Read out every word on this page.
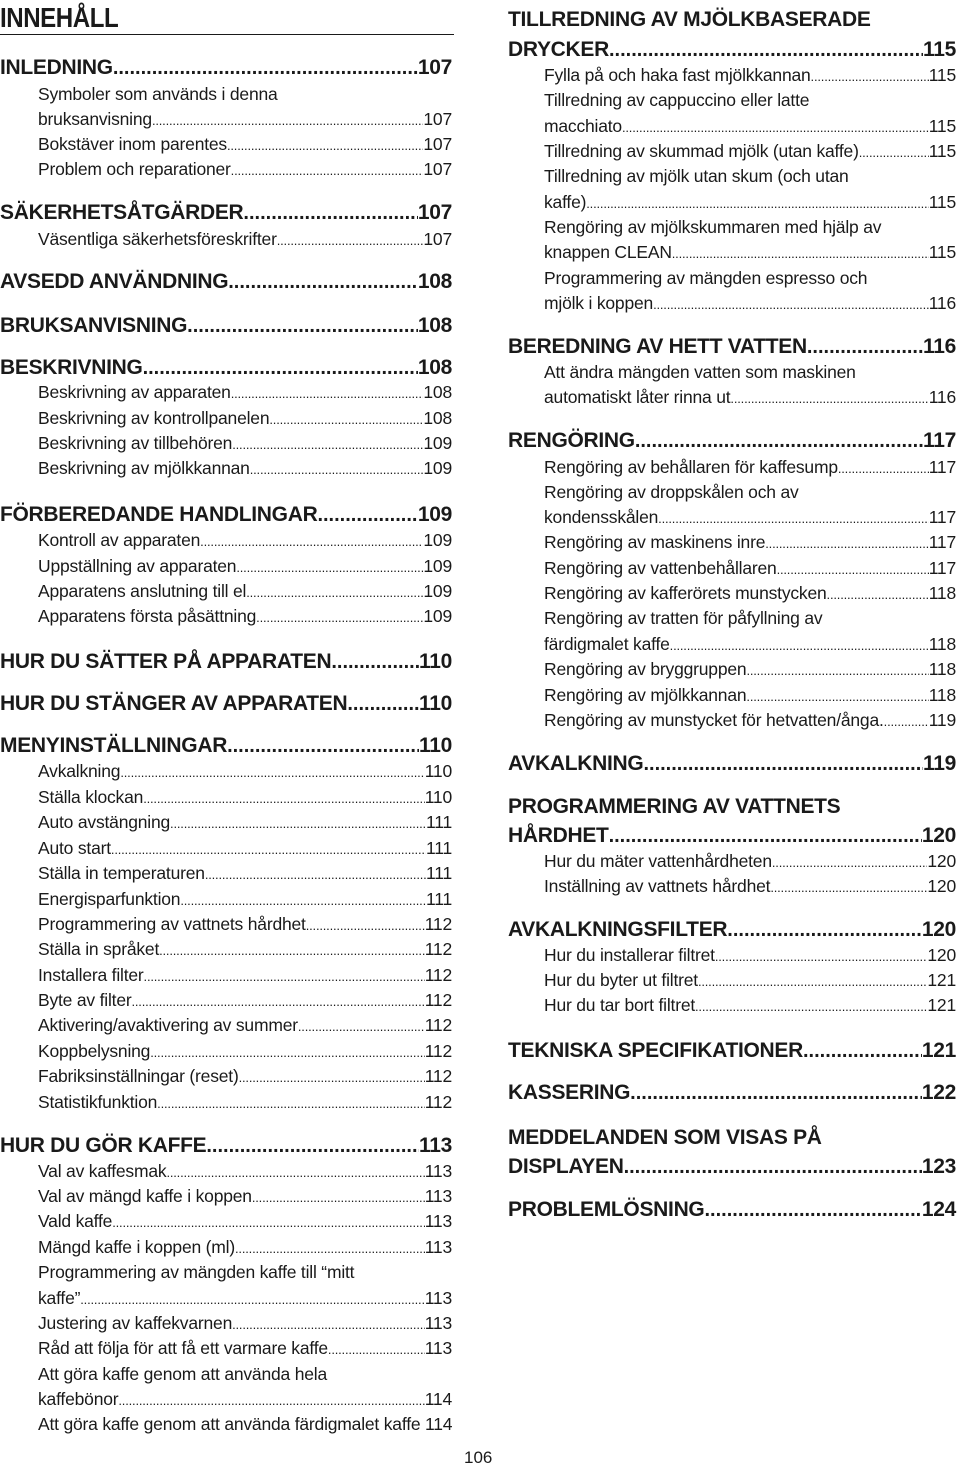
INNEHÅLL
INLEDNING .....	107
Symboler som används i denna
bruksanvisning .....	107
Bokstäver inom parentes .....	107
Problem och reparationer .....	107
SÄKERHETSÅTGÄRDER .....	107
Väsentliga säkerhetsföreskrifter .....	107
AVSEDD ANVÄNDNING .....	108
BRUKSANVISNING .....	108
BESKRIVNING .....	108
Beskrivning av apparaten .....	108
Beskrivning av kontrollpanelen .....	108
Beskrivning av tillbehören .....	109
Beskrivning av mjölkkannan .....	109
FÖRBEREDANDE HANDLINGAR .....	109
Kontroll av apparaten .....	109
Uppställning av apparaten .....	109
Apparatens anslutning till el .....	109
Apparatens första påsättning .....	109
HUR DU SÄTTER PÅ APPARATEN .....	110
HUR DU STÄNGER AV APPARATEN .....	110
MENYINSTÄLLNINGAR .....	110
Avkalkning .....	110
Ställa klockan .....	110
Auto avstängning .....	111
Auto start .....	111
Ställa in temperaturen .....	111
Energisparfunktion .....	111
Programmering av vattnets hårdhet .....	112
Ställa in språket .....	112
Installera filter .....	112
Byte av filter .....	112
Aktivering/avaktivering av summer .....	112
Koppbelysning .....	112
Fabriksinställningar (reset) .....	112
Statistikfunktion .....	112
HUR DU GÖR KAFFE .....	113
Val av kaffesmak .....	113
Val av mängd kaffe i koppen .....	113
Vald kaffe .....	113
Mängd kaffe i koppen (ml) .....	113
Programmering av mängden kaffe till “mitt
kaffe” .....	113
Justering av kaffekvarnen .....	113
Råd att följa för att få ett varmare kaffe .....	113
Att göra kaffe genom att använda hela
kaffebönor .....	114
Att göra kaffe genom att använda färdigmalet kaffe 114
TILLREDNING AV MJÖLKBASERADE
DRYCKER .....	115
Fylla på och haka fast mjölkkannan .....	115
Tillredning av cappuccino eller latte
macchiato .....	115
Tillredning av skummad mjölk (utan kaffe) .....	115
Tillredning av mjölk utan skum (och utan
kaffe) .....	115
Rengöring av mjölkskummaren med hjälp av
knappen CLEAN .....	115
Programmering av mängden espresso och
mjölk i koppen .....	116
BEREDNING AV HETT VATTEN .....	116
Att ändra mängden vatten som maskinen
automatiskt låter rinna ut .....	116
RENGÖRING .....	117
Rengöring av behållaren för kaffesump .....	117
Rengöring av droppskålen och av
kondensskålen .....	117
Rengöring av maskinens inre .....	117
Rengöring av vattenbehållaren .....	117
Rengöring av kafferörets munstycken .....	118
Rengöring av tratten för påfyllning av
färdigmalet kaffe .....	118
Rengöring av bryggruppen .....	118
Rengöring av mjölkkannan .....	118
Rengöring av munstycket för hetvatten/ånga. .....	119
AVKALKNING .....	119
PROGRAMMERING AV VATTNETS
HÅRDHET .....	120
Hur du mäter vattenhårdheten .....	120
Inställning av vattnets hårdhet .....	120
AVKALKNINGSFILTER .....	120
Hur du installerar filtret .....	120
Hur du byter ut filtret .....	121
Hur du tar bort filtret .....	121
TEKNISKA SPECIFIKATIONER .....	121
KASSERING .....	122
MEDDELANDEN SOM VISAS PÅ
DISPLAYEN .....	123
PROBLEMLÖSNING .....	124
106
